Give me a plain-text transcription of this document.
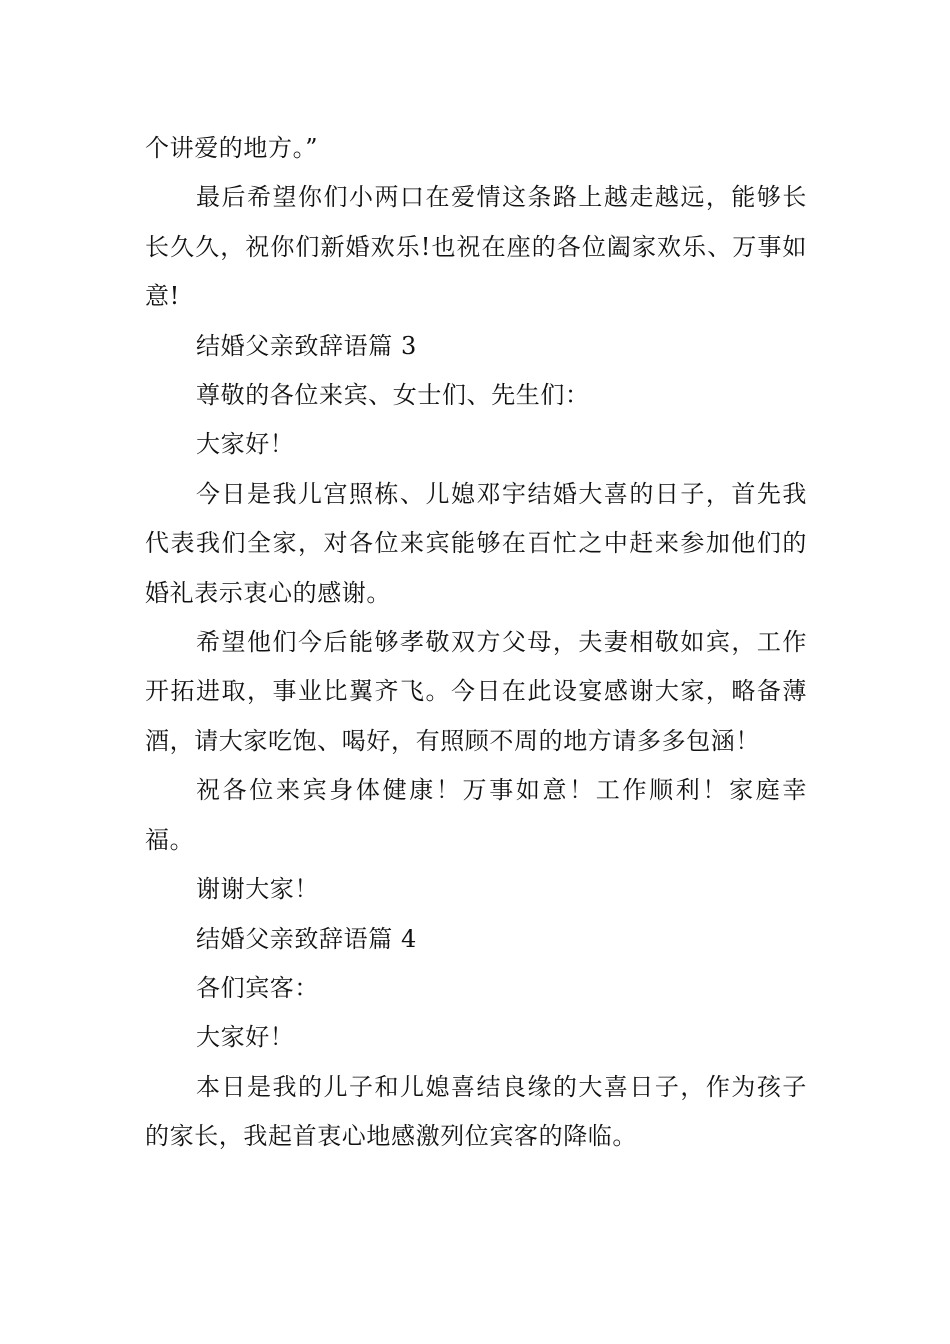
个讲爱的地方。”

最后希望你们小两口在爱情这条路上越走越远，能够长长久久，祝你们新婚欢乐!也祝在座的各位阖家欢乐、万事如意!

结婚父亲致辞语篇 3

尊敬的各位来宾、女士们、先生们：

大家好！

今日是我儿宫照栋、儿媳邓宇结婚大喜的日子，首先我代表我们全家，对各位来宾能够在百忙之中赶来参加他们的婚礼表示衷心的感谢。

希望他们今后能够孝敬双方父母，夫妻相敬如宾，工作开拓进取，事业比翼齐飞。今日在此设宴感谢大家，略备薄酒，请大家吃饱、喝好，有照顾不周的地方请多多包涵！

祝各位来宾身体健康！万事如意！工作顺利！家庭幸福。

谢谢大家！

结婚父亲致辞语篇 4

各们宾客：

大家好！

本日是我的儿子和儿媳喜结良缘的大喜日子，作为孩子的家长，我起首衷心地感激列位宾客的降临。
